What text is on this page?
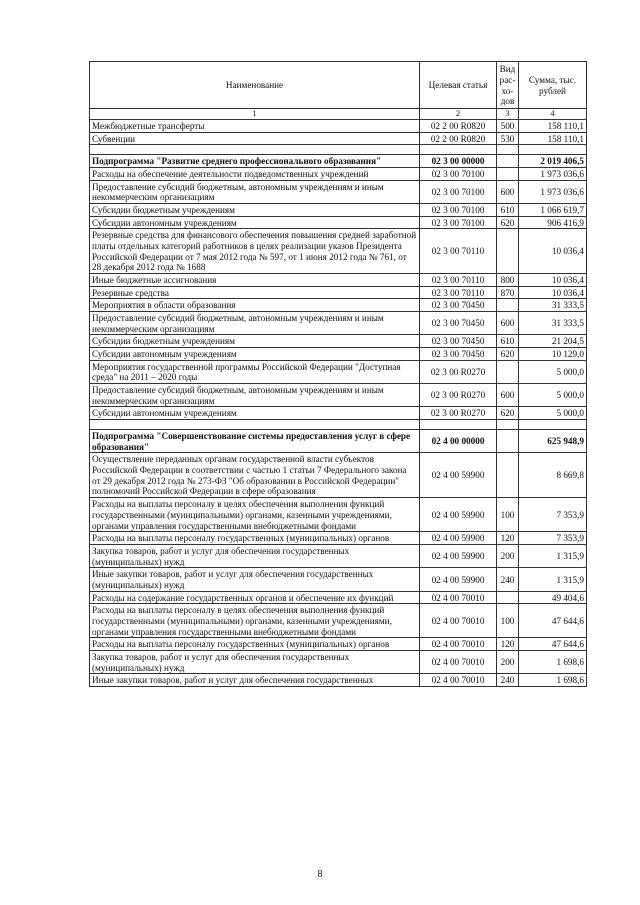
Наименование	Целевая статья	Вид рас-хо-дов	Сумма, тыс. рублей
1	2	3	4
Межбюджетные трансферты	02 2 00 R0820	500	158 110,1
Субвенции	02 2 00 R0820	530	158 110,1

Подпрограмма "Развитие среднего профессионального образования"	02 3 00 00000		2 019 406,5
Расходы на обеспечение деятельности подведомственных учреждений	02 3 00 70100		1 973 036,6
Предоставление субсидий бюджетным, автономным учреждениям и иным некоммерческим организациям	02 3 00 70100	600	1 973 036,6
Субсидии бюджетным учреждениям	02 3 00 70100	610	1 066 619,7
Субсидии автономным учреждениям	02 3 00 70100	620	906 416,9
Резервные средства для финансового обеспечения повышения средней заработной платы отдельных категорий работников в целях реализации указов Президента Российской Федерации от 7 мая 2012 года № 597, от 1 июня 2012 года № 761, от 28 декабря 2012 года № 1688	02 3 00 70110		10 036,4
Иные бюджетные ассигнования	02 3 00 70110	800	10 036,4
Резервные средства	02 3 00 70110	870	10 036,4
Мероприятия в области образования	02 3 00 70450		31 333,5
Предоставление субсидий бюджетным, автономным учреждениям и иным некоммерческим организациям	02 3 00 70450	600	31 333,5
Субсидии бюджетным учреждениям	02 3 00 70450	610	21 204,5
Субсидии автономным учреждениям	02 3 00 70450	620	10 129,0
Мероприятия государственной программы Российской Федерации "Доступная среда" на 2011 – 2020 годы	02 3 00 R0270		5 000,0
Предоставление субсидий бюджетным, автономным учреждениям и иным некоммерческим организациям	02 3 00 R0270	600	5 000,0
Субсидии автономным учреждениям	02 3 00 R0270	620	5 000,0

Подпрограмма "Совершенствование системы предоставления услуг в сфере образования"	02 4 00 00000		625 948,9
Осуществление переданных органам государственной власти субъектов Российской Федерации в соответствии с частью 1 статьи 7 Федерального закона от 29 декабря 2012 года № 273-ФЗ "Об образовании в Российской Федерации" полномочий Российской Федерации в сфере образования	02 4 00 59900		8 669,8
Расходы на выплаты персоналу в целях обеспечения выполнения функций государственными (муниципальными) органами, казенными учреждениями, органами управления государственными внебюджетными фондами	02 4 00 59900	100	7 353,9
Расходы на выплаты персоналу государственных (муниципальных) органов	02 4 00 59900	120	7 353,9
Закупка товаров, работ и услуг для обеспечения государственных (муниципальных) нужд	02 4 00 59900	200	1 315,9
Иные закупки товаров, работ и услуг для обеспечения государственных (муниципальных) нужд	02 4 00 59900	240	1 315,9
Расходы на содержание государственных органов и обеспечение их функций	02 4 00 70010		49 404,6
Расходы на выплаты персоналу в целях обеспечения выполнения функций государственными (муниципальными) органами, казенными учреждениями, органами управления государственными внебюджетными фондами	02 4 00 70010	100	47 644,6
Расходы на выплаты персоналу государственных (муниципальных) органов	02 4 00 70010	120	47 644,6
Закупка товаров, работ и услуг для обеспечения государственных (муниципальных) нужд	02 4 00 70010	200	1 698,6
Иные закупки товаров, работ и услуг для обеспечения государственных	02 4 00 70010	240	1 698,6
8
